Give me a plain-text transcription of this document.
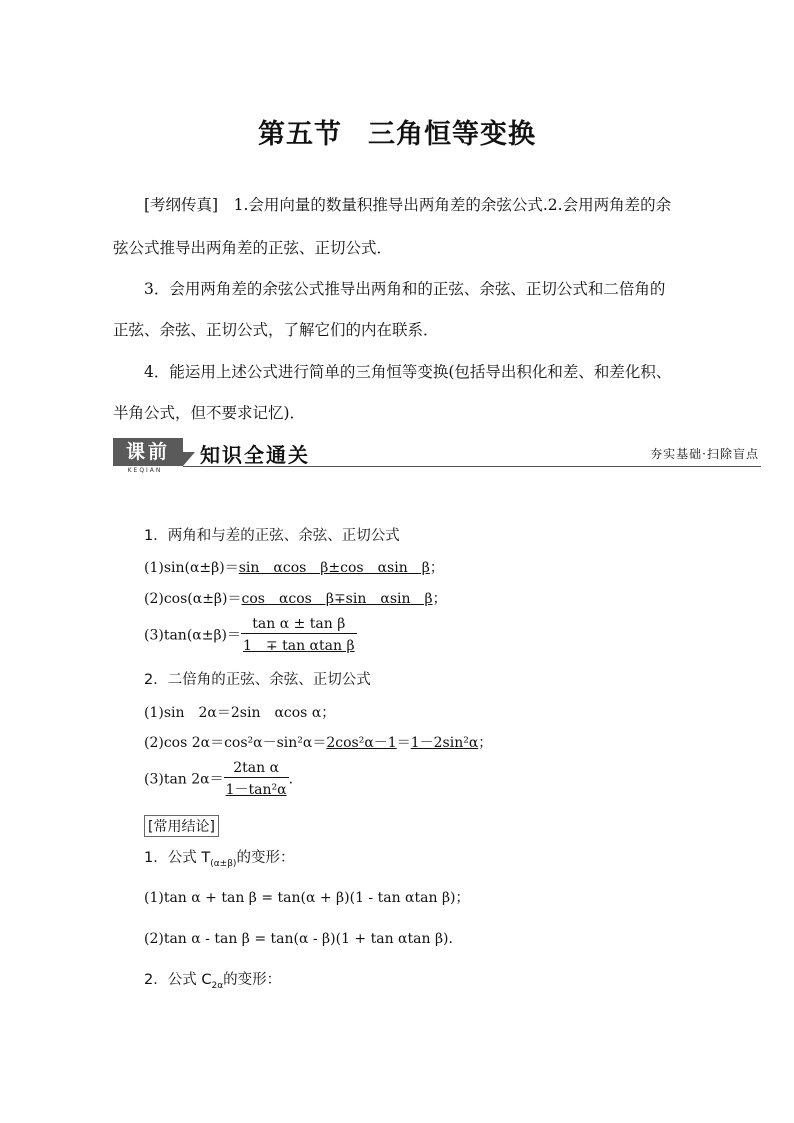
第五节 三角恒等变换
[考纲传真]　1.会用向量的数量积推导出两角差的余弦公式.2.会用两角差的余
弦公式推导出两角差的正弦、正切公式．
3．会用两角差的余弦公式推导出两角和的正弦、余弦、正切公式和二倍角的
正弦、余弦、正切公式，了解它们的内在联系．
4．能运用上述公式进行简单的三角恒等变换(包括导出积化和差、和差化积、
半角公式，但不要求记忆)．
课前
KEQIAN
知识全通关	夯实基础·扫除盲点
1．两角和与差的正弦、余弦、正切公式
(1)sin(α±β)＝sin　αcos　β±cos　αsin　β；
(2)cos(α±β)＝cos　αcos　β∓sin　αsin　β；
$(3)\tan(\alpha\pm\beta)= \frac{\text{tan α ± tan β}}{\text{1　∓ tan αtan β}}$
2．二倍角的正弦、余弦、正切公式
(1)sin　2α＝2sin　αcos α；
(2)cos 2α＝cos²α－sin²α＝2cos²α－1＝1－2sin²α；
(3)tan $2\alpha= \frac{\text{2tan α}}{\text{1－tan²α}}$ .
[常用结论]
1．公式 $T_{(\alpha\pm\beta)}$的变形：
(1)tan α + tan β = tan(α + β)(1 - tan αtan β)；
(2)tan α - tan β = tan(α - β)(1 + tan αtan β)．
2．公式 $C_{2\alpha}$的变形：
